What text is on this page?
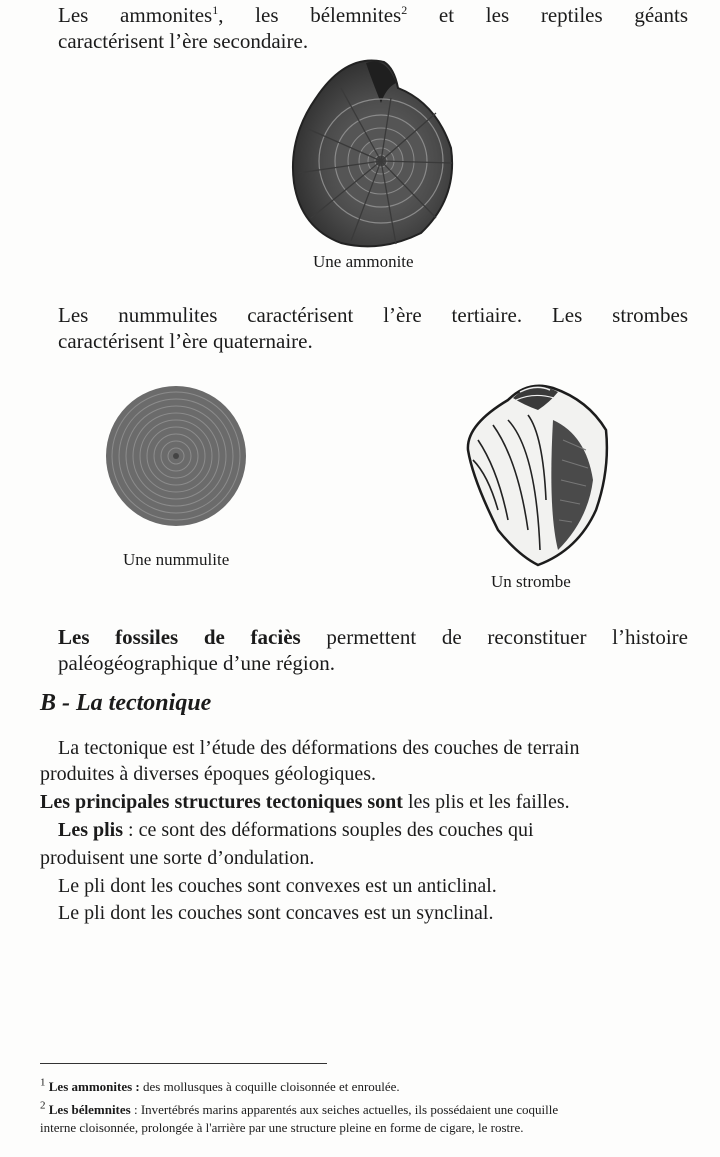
Les ammonites$^1$, les bélemnites$^2$ et les reptiles géants
caractérisent l’ère secondaire.
Une ammonite
Les nummulites caractérisent l’ère tertiaire. Les strombes
caractérisent l’ère quaternaire.
Une nummulite
Un strombe
Les fossiles de faciès permettent de reconstituer l’histoire
paléogéographique d’une région.
B - La tectonique
La tectonique est l’étude des déformations des couches de terrain
produites à diverses époques géologiques.
Les principales structures tectoniques sont les plis et les failles.
Les plis : ce sont des déformations souples des couches qui
produisent une sorte d’ondulation.
Le pli dont les couches sont convexes est un anticlinal.
Le pli dont les couches sont concaves est un synclinal.
$^1$ Les ammonites : des mollusques à coquille cloisonnée et enroulée.
$^2$ Les bélemnites : Invertébrés marins apparentés aux seiches actuelles, ils possédaient une coquille
interne cloisonnée, prolongée à l'arrière par une structure pleine en forme de cigare, le rostre.
